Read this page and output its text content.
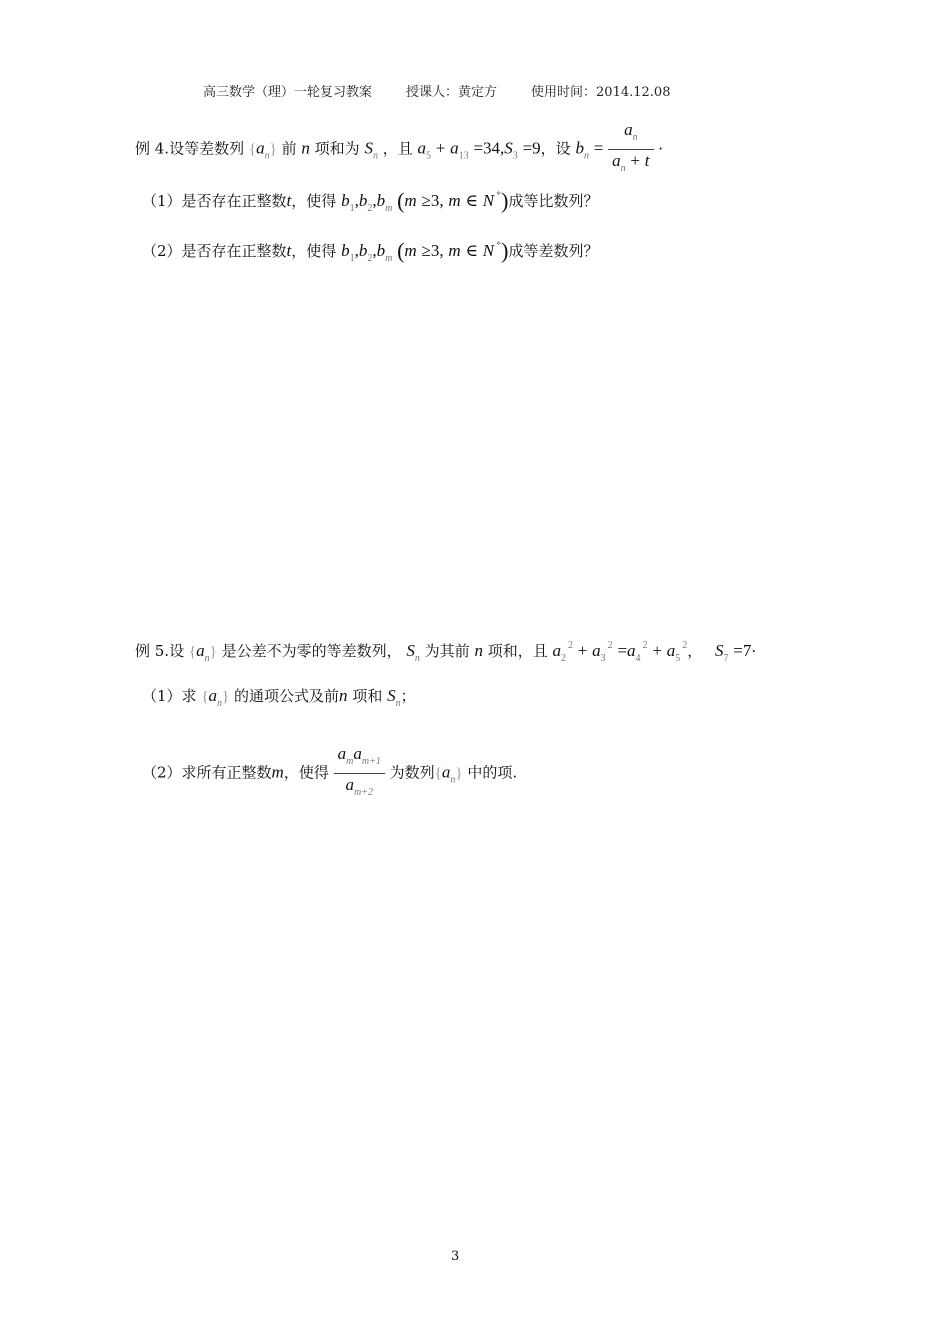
高三数学（理）一轮复习教案	授课人：黄定方	使用时间：2014.12.08
例 4.设等差数列 $\{a_n\}$ 前 n 项和为 $S_n$ ，且 $a_5 + a_{13} =34,S_3 =9$，设 $b_n = \frac{a_n}{a_n + t}$ ·
（1）是否存在正整数t，使得 $b_1,b_2,b_m$ (m ≥3, m ∈ N *)成等比数列？
（2）是否存在正整数t，使得 $b_1,b_2,b_m$ (m ≥3, m ∈ N *)成等差数列？
例 5.设 $\{a_n\}$ 是公差不为零的等差数列， $S_n$ 为其前 n 项和，且 $a_2^2 + a_3^2 =a_4^2 + a_5^2$， $S_7 =7\cdot$
（1）求 $\{a_n\}$ 的通项公式及前n 项和 $S_n$；
（2）求所有正整数m，使得 $\frac{a_ma_{m+1}}{a_{m+2}}$ 为数列$\{a_n\}$ 中的项.
3
